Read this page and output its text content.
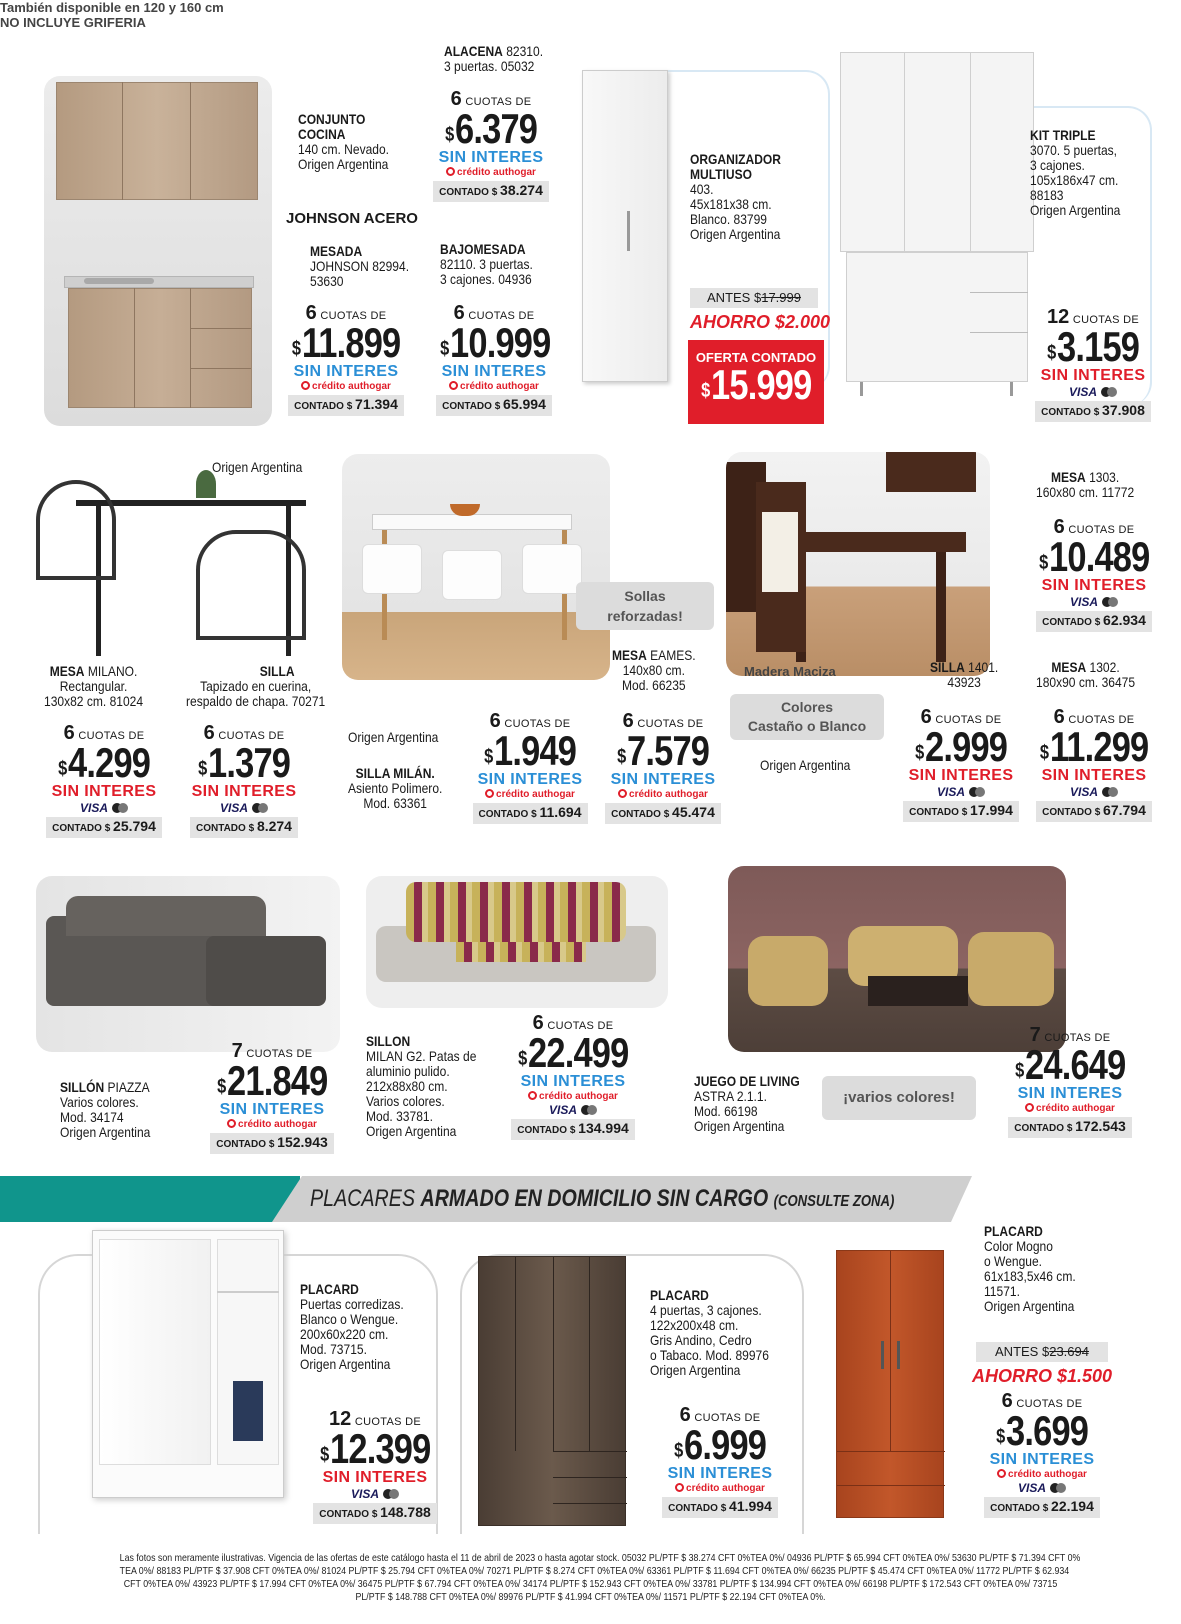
También disponible en 120 y 160 cm
NO INCLUYE GRIFERIA
CONJUNTO
COCINA
140 cm. Nevado.
Origen Argentina
JOHNSON ACERO
MESADA
JOHNSON 82994.
53630
6 CUOTAS DE
$11.899
SIN INTERES
crédito authogar
CONTADO $ 71.394
ALACENA 82310.
3 puertas. 05032
6 CUOTAS DE
$6.379
SIN INTERES
crédito authogar
CONTADO $ 38.274
BAJOMESADA
82110. 3 puertas.
3 cajones. 04936
6 CUOTAS DE
$10.999
SIN INTERES
crédito authogar
CONTADO $ 65.994
ORGANIZADOR
MULTIUSO
403.
45x181x38 cm.
Blanco. 83799
Origen Argentina
ANTES $17.999
AHORRO $2.000
OFERTA CONTADO
$15.999
KIT TRIPLE
3070. 5 puertas,
3 cajones.
105x186x47 cm.
88183
Origen Argentina
12 CUOTAS DE
$3.159
SIN INTERES
VISA
CONTADO $ 37.908
Origen Argentina
MESA MILANO.
Rectangular.
130x82 cm. 81024
6 CUOTAS DE
$4.299
SIN INTERES
VISA
CONTADO $ 25.794
SILLA
Tapizado en cuerina,
respaldo de chapa. 70271
6 CUOTAS DE
$1.379
SIN INTERES
VISA
CONTADO $ 8.274
Sollas
reforzadas!
Origen Argentina
SILLA MILÁN.
Asiento Polimero.
Mod. 63361
6 CUOTAS DE
$1.949
SIN INTERES
crédito authogar
CONTADO $ 11.694
MESA EAMES.
140x80 cm.
Mod. 66235
6 CUOTAS DE
$7.579
SIN INTERES
crédito authogar
CONTADO $ 45.474
Madera Maciza
Colores
Castaño o Blanco
Origen Argentina
MESA 1303.
160x80 cm. 11772
6 CUOTAS DE
$10.489
SIN INTERES
VISA
CONTADO $ 62.934
SILLA 1401.
43923
6 CUOTAS DE
$2.999
SIN INTERES
VISA
CONTADO $ 17.994
MESA 1302.
180x90 cm. 36475
6 CUOTAS DE
$11.299
SIN INTERES
VISA
CONTADO $ 67.794
SILLÓN PIAZZA
Varios colores.
Mod. 34174
Origen Argentina
7 CUOTAS DE
$21.849
SIN INTERES
crédito authogar
CONTADO $ 152.943
SILLON
MILAN G2. Patas de
aluminio pulido.
212x88x80 cm.
Varios colores.
Mod. 33781.
Origen Argentina
6 CUOTAS DE
$22.499
SIN INTERES
crédito authogar
VISA
CONTADO $ 134.994
JUEGO DE LIVING
ASTRA 2.1.1.
Mod. 66198
Origen Argentina
¡varios colores!
7 CUOTAS DE
$24.649
SIN INTERES
crédito authogar
CONTADO $ 172.543
PLACARES ARMADO EN DOMICILIO SIN CARGO (CONSULTE ZONA)
PLACARD
Puertas corredizas.
Blanco o Wengue.
200x60x220 cm.
Mod. 73715.
Origen Argentina
12 CUOTAS DE
$12.399
SIN INTERES
VISA
CONTADO $ 148.788
PLACARD
4 puertas, 3 cajones.
122x200x48 cm.
Gris Andino, Cedro
o Tabaco. Mod. 89976
Origen Argentina
6 CUOTAS DE
$6.999
SIN INTERES
crédito authogar
CONTADO $ 41.994
PLACARD
Color Mogno
o Wengue.
61x183,5x46 cm.
11571.
Origen Argentina
ANTES $23.694
AHORRO $1.500
6 CUOTAS DE
$3.699
SIN INTERES
crédito authogar
VISA
CONTADO $ 22.194
Las fotos son meramente ilustrativas. Vigencia de las ofertas de este catálogo hasta el 11 de abril de 2023 o hasta agotar stock. 05032 PL/PTF $ 38.274 CFT 0%TEA 0%/ 04936 PL/PTF $ 65.994 CFT 0%TEA 0%/ 53630 PL/PTF $ 71.394 CFT 0%
TEA 0%/ 88183 PL/PTF $ 37.908 CFT 0%TEA 0%/ 81024 PL/PTF $ 25.794 CFT 0%TEA 0%/ 70271 PL/PTF $ 8.274 CFT 0%TEA 0%/ 63361 PL/PTF $ 11.694 CFT 0%TEA 0%/ 66235 PL/PTF $ 45.474 CFT 0%TEA 0%/ 11772 PL/PTF $ 62.934
CFT 0%TEA 0%/ 43923 PL/PTF $ 17.994 CFT 0%TEA 0%/ 36475 PL/PTF $ 67.794 CFT 0%TEA 0%/ 34174 PL/PTF $ 152.943 CFT 0%TEA 0%/ 33781 PL/PTF $ 134.994 CFT 0%TEA 0%/ 66198 PL/PTF $ 172.543 CFT 0%TEA 0%/ 73715
PL/PTF $ 148.788 CFT 0%TEA 0%/ 89976 PL/PTF $ 41.994 CFT 0%TEA 0%/ 11571 PL/PTF $ 22.194 CFT 0%TEA 0%.
